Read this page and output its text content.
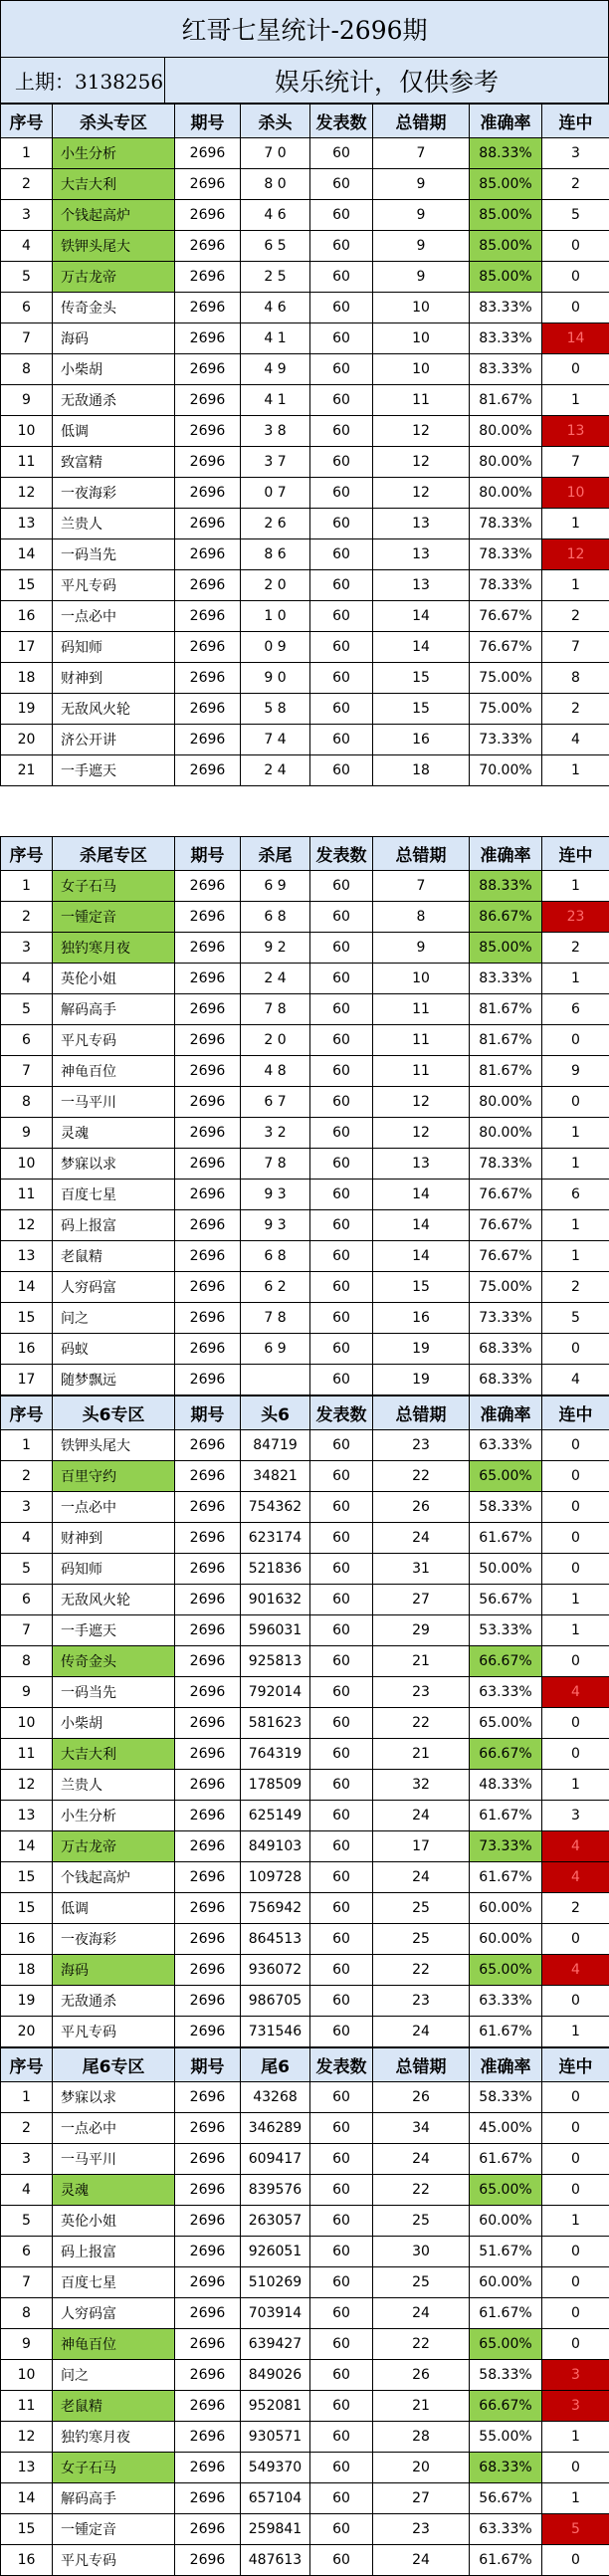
红哥七星统计-2696期
上期：3138256	娱乐统计，仅供参考
序号	杀头专区	期号	杀头	发表数	总错期	准确率	连中
1	小生分析	2696	7 0	60	7	88.33%	3
2	大吉大利	2696	8 0	60	9	85.00%	2
3	个钱起高炉	2696	4 6	60	9	85.00%	5
4	铁钾头尾大	2696	6 5	60	9	85.00%	0
5	万古龙帝	2696	2 5	60	9	85.00%	0
6	传奇金头	2696	4 6	60	10	83.33%	0
7	海码	2696	4 1	60	10	83.33%	14
8	小柴胡	2696	4 9	60	10	83.33%	0
9	无敌通杀	2696	4 1	60	11	81.67%	1
10	低调	2696	3 8	60	12	80.00%	13
11	致富精	2696	3 7	60	12	80.00%	7
12	一夜海彩	2696	0 7	60	12	80.00%	10
13	兰贵人	2696	2 6	60	13	78.33%	1
14	一码当先	2696	8 6	60	13	78.33%	12
15	平凡专码	2696	2 0	60	13	78.33%	1
16	一点必中	2696	1 0	60	14	76.67%	2
17	码知师	2696	0 9	60	14	76.67%	7
18	财神到	2696	9 0	60	15	75.00%	8
19	无敌风火轮	2696	5 8	60	15	75.00%	2
20	济公开讲	2696	7 4	60	16	73.33%	4
21	一手遮天	2696	2 4	60	18	70.00%	1
序号	杀尾专区	期号	杀尾	发表数	总错期	准确率	连中
1	女子石马	2696	6 9	60	7	88.33%	1
2	一锺定音	2696	6 8	60	8	86.67%	23
3	独钓寒月夜	2696	9 2	60	9	85.00%	2
4	英伦小姐	2696	2 4	60	10	83.33%	1
5	解码高手	2696	7 8	60	11	81.67%	6
6	平凡专码	2696	2 0	60	11	81.67%	0
7	神龟百位	2696	4 8	60	11	81.67%	9
8	一马平川	2696	6 7	60	12	80.00%	0
9	灵魂	2696	3 2	60	12	80.00%	1
10	梦寐以求	2696	7 8	60	13	78.33%	1
11	百度七星	2696	9 3	60	14	76.67%	6
12	码上报富	2696	9 3	60	14	76.67%	1
13	老鼠精	2696	6 8	60	14	76.67%	1
14	人穷码富	2696	6 2	60	15	75.00%	2
15	问之	2696	7 8	60	16	73.33%	5
16	码蚁	2696	6 9	60	19	68.33%	0
17	随梦飘远	2696		60	19	68.33%	4
序号	头6专区	期号	头6	发表数	总错期	准确率	连中
1	铁钾头尾大	2696	84719	60	23	63.33%	0
2	百里守约	2696	34821	60	22	65.00%	0
3	一点必中	2696	754362	60	26	58.33%	0
4	财神到	2696	623174	60	24	61.67%	0
5	码知师	2696	521836	60	31	50.00%	0
6	无敌风火轮	2696	901632	60	27	56.67%	1
7	一手遮天	2696	596031	60	29	53.33%	1
8	传奇金头	2696	925813	60	21	66.67%	0
9	一码当先	2696	792014	60	23	63.33%	4
10	小柴胡	2696	581623	60	22	65.00%	0
11	大吉大利	2696	764319	60	21	66.67%	0
12	兰贵人	2696	178509	60	32	48.33%	1
13	小生分析	2696	625149	60	24	61.67%	3
14	万古龙帝	2696	849103	60	17	73.33%	4
15	个钱起高炉	2696	109728	60	24	61.67%	4
15	低调	2696	756942	60	25	60.00%	2
16	一夜海彩	2696	864513	60	25	60.00%	0
18	海码	2696	936072	60	22	65.00%	4
19	无敌通杀	2696	986705	60	23	63.33%	0
20	平凡专码	2696	731546	60	24	61.67%	1
序号	尾6专区	期号	尾6	发表数	总错期	准确率	连中
1	梦寐以求	2696	43268	60	26	58.33%	0
2	一点必中	2696	346289	60	34	45.00%	0
3	一马平川	2696	609417	60	24	61.67%	0
4	灵魂	2696	839576	60	22	65.00%	0
5	英伦小姐	2696	263057	60	25	60.00%	1
6	码上报富	2696	926051	60	30	51.67%	0
7	百度七星	2696	510269	60	25	60.00%	0
8	人穷码富	2696	703914	60	24	61.67%	0
9	神龟百位	2696	639427	60	22	65.00%	0
10	问之	2696	849026	60	26	58.33%	3
11	老鼠精	2696	952081	60	21	66.67%	3
12	独钓寒月夜	2696	930571	60	28	55.00%	1
13	女子石马	2696	549370	60	20	68.33%	0
14	解码高手	2696	657104	60	27	56.67%	1
15	一锺定音	2696	259841	60	23	63.33%	5
16	平凡专码	2696	487613	60	24	61.67%	0
